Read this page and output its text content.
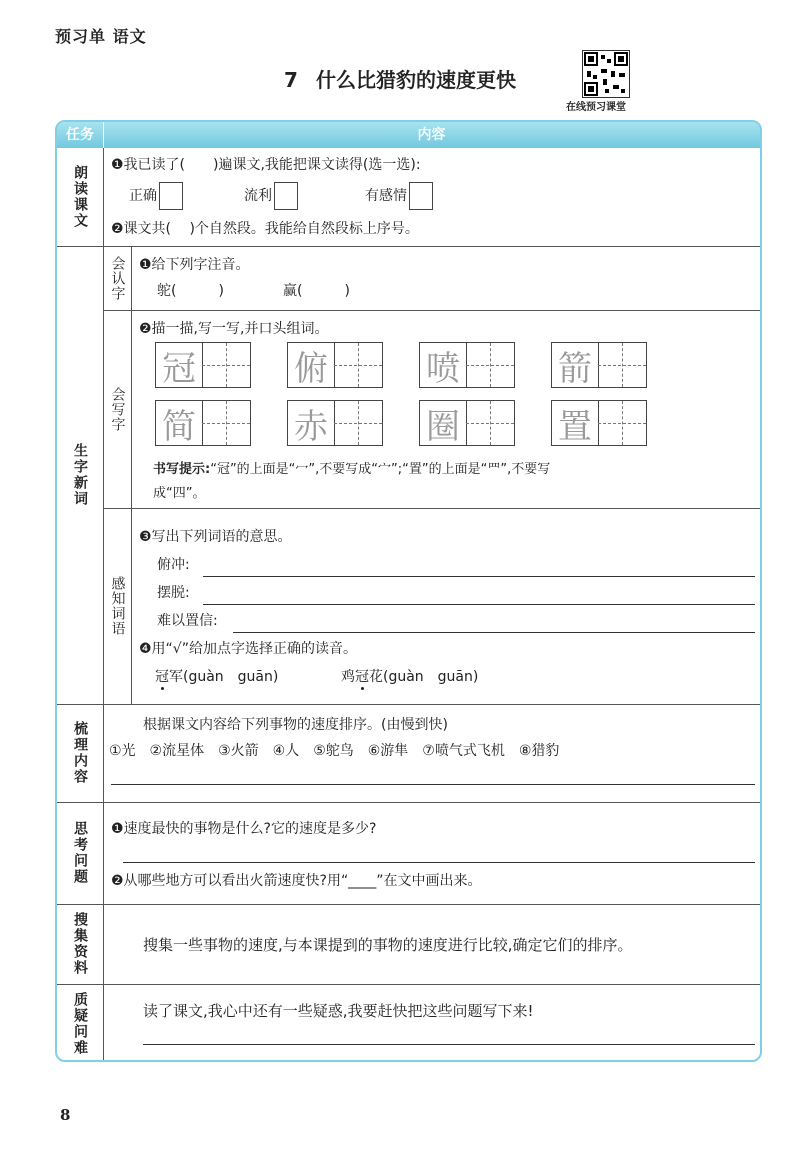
预习单 语文
7 什么比猎豹的速度更快
在线预习课堂
任务	内容
朗读课文 ❶我已读了(　　)遍课文,我能把课文读得(选一选):
正确	流利	有感情
❷课文共(　 )个自然段。我能给自然段标上序号。
生字新词
会认字 ❶给下列字注音。
鸵(　　　)	赢(　　　)
会写字
❷描一描,写一写,并口头组词。
冠	俯	喷	箭
简	赤	圈	置
书写提示:“冠”的上面是“冖”,不要写成“宀”;“置”的上面是“罒”,不要写
成“四”。
感知词语
❸写出下列词语的意思。
俯冲:
摆脱:
难以置信:
❹用“√”给加点字选择正确的读音。
冠军(guàn　guān)	鸡冠花(guàn　guān)
梳理内容	根据课文内容给下列事物的速度排序。(由慢到快)
①光　②流星体　③火箭　④人　⑤鸵鸟　⑥游隼　⑦喷气式飞机　⑧猎豹
思考问题 ❶速度最快的事物是什么?它的速度是多少?
❷从哪些地方可以看出火箭速度快?用“____”在文中画出来。
搜集资料	搜集一些事物的速度,与本课提到的事物的速度进行比较,确定它们的排序。
质疑问难	读了课文,我心中还有一些疑惑,我要赶快把这些问题写下来!
8
